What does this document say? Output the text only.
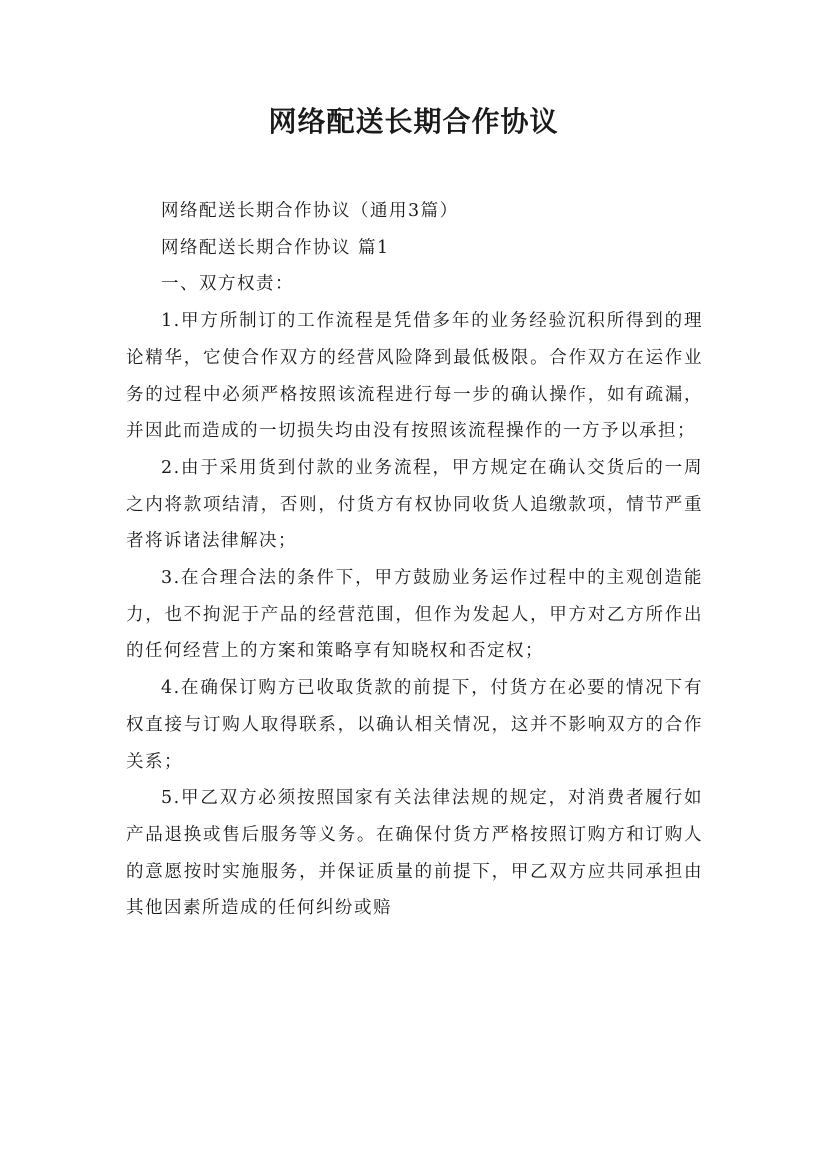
网络配送长期合作协议

网络配送长期合作协议（通用3篇）

网络配送长期合作协议 篇1

一、双方权责：

1.甲方所制订的工作流程是凭借多年的业务经验沉积所得到的理论精华，它使合作双方的经营风险降到最低极限。合作双方在运作业务的过程中必须严格按照该流程进行每一步的确认操作，如有疏漏，并因此而造成的一切损失均由没有按照该流程操作的一方予以承担；

2.由于采用货到付款的业务流程，甲方规定在确认交货后的一周之内将款项结清，否则，付货方有权协同收货人追缴款项，情节严重者将诉诸法律解决；

3.在合理合法的条件下，甲方鼓励业务运作过程中的主观创造能力，也不拘泥于产品的经营范围，但作为发起人，甲方对乙方所作出的任何经营上的方案和策略享有知晓权和否定权；

4.在确保订购方已收取货款的前提下，付货方在必要的情况下有权直接与订购人取得联系，以确认相关情况，这并不影响双方的合作关系；

5.甲乙双方必须按照国家有关法律法规的规定，对消费者履行如产品退换或售后服务等义务。在确保付货方严格按照订购方和订购人的意愿按时实施服务，并保证质量的前提下，甲乙双方应共同承担由其他因素所造成的任何纠纷或赔
